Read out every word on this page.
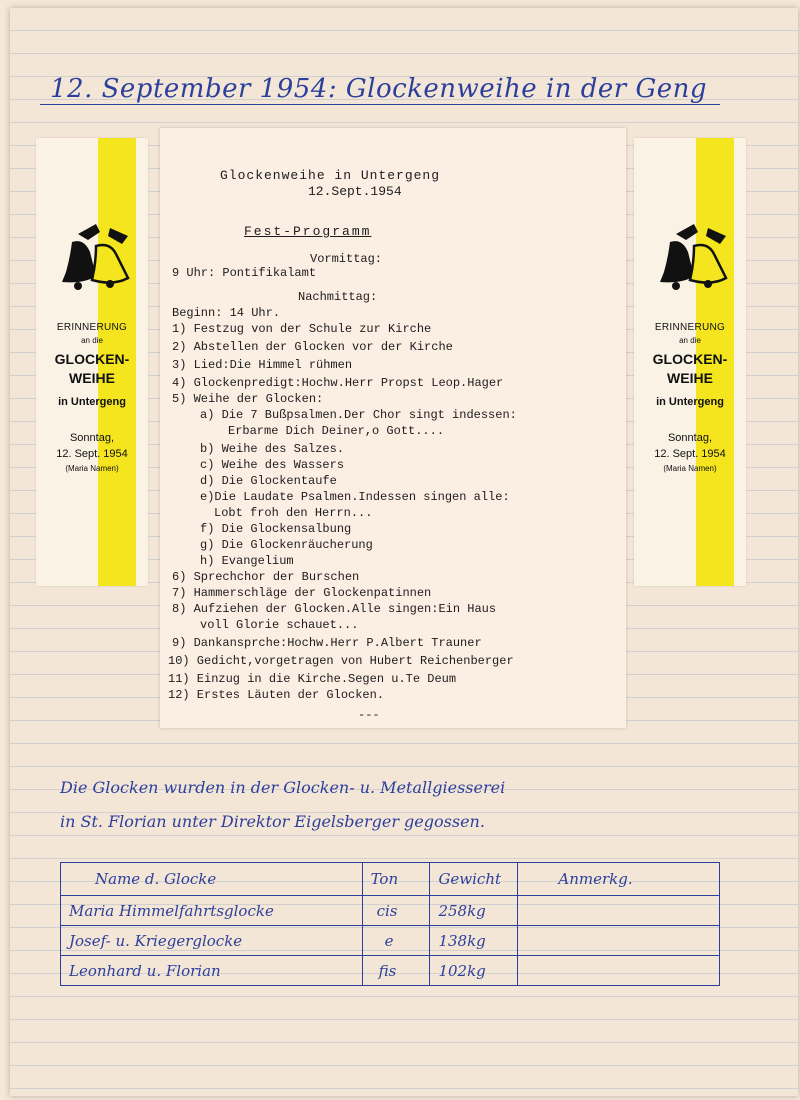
12. September 1954: Glockenweihe in der Geng
ERINNERUNG
an die
GLOCKEN-
WEIHE
in Untergeng
Sonntag,
12. Sept. 1954
(Maria Namen)
ERINNERUNG
an die
GLOCKEN-
WEIHE
in Untergeng
Sonntag,
12. Sept. 1954
(Maria Namen)
Glockenweihe in Untergeng
12.Sept.1954
Fest-Programm
Vormittag:
9 Uhr: Pontifikalamt
Nachmittag:
Beginn: 14 Uhr.
1) Festzug von der Schule zur Kirche
2) Abstellen der Glocken vor der Kirche
3) Lied:Die Himmel rühmen
4) Glockenpredigt:Hochw.Herr Propst Leop.Hager
5) Weihe der Glocken:
a) Die 7 Bußpsalmen.Der Chor singt indessen:
Erbarme Dich Deiner,o Gott....
b) Weihe des Salzes.
c) Weihe des Wassers
d) Die Glockentaufe
e)Die Laudate Psalmen.Indessen singen alle:
Lobt froh den Herrn...
f) Die Glockensalbung
g) Die Glockenräucherung
h) Evangelium
6) Sprechchor der Burschen
7) Hammerschläge der Glockenpatinnen
8) Aufziehen der Glocken.Alle singen:Ein Haus
voll Glorie schauet...
9) Dankansprche:Hochw.Herr P.Albert Trauner
10) Gedicht,vorgetragen von Hubert Reichenberger
11) Einzug in die Kirche.Segen u.Te Deum
12) Erstes Läuten der Glocken.
---
Die Glocken wurden in der Glocken- u. Metallgiesserei
in St. Florian unter Direktor Eigelsberger gegossen.
Name d. Glocke	Ton	Gewicht	Anmerkg.
Maria Himmelfahrtsglocke	cis	258kg	
Josef- u. Kriegerglocke	e	138kg	
Leonhard u. Florian	fis	102kg	
